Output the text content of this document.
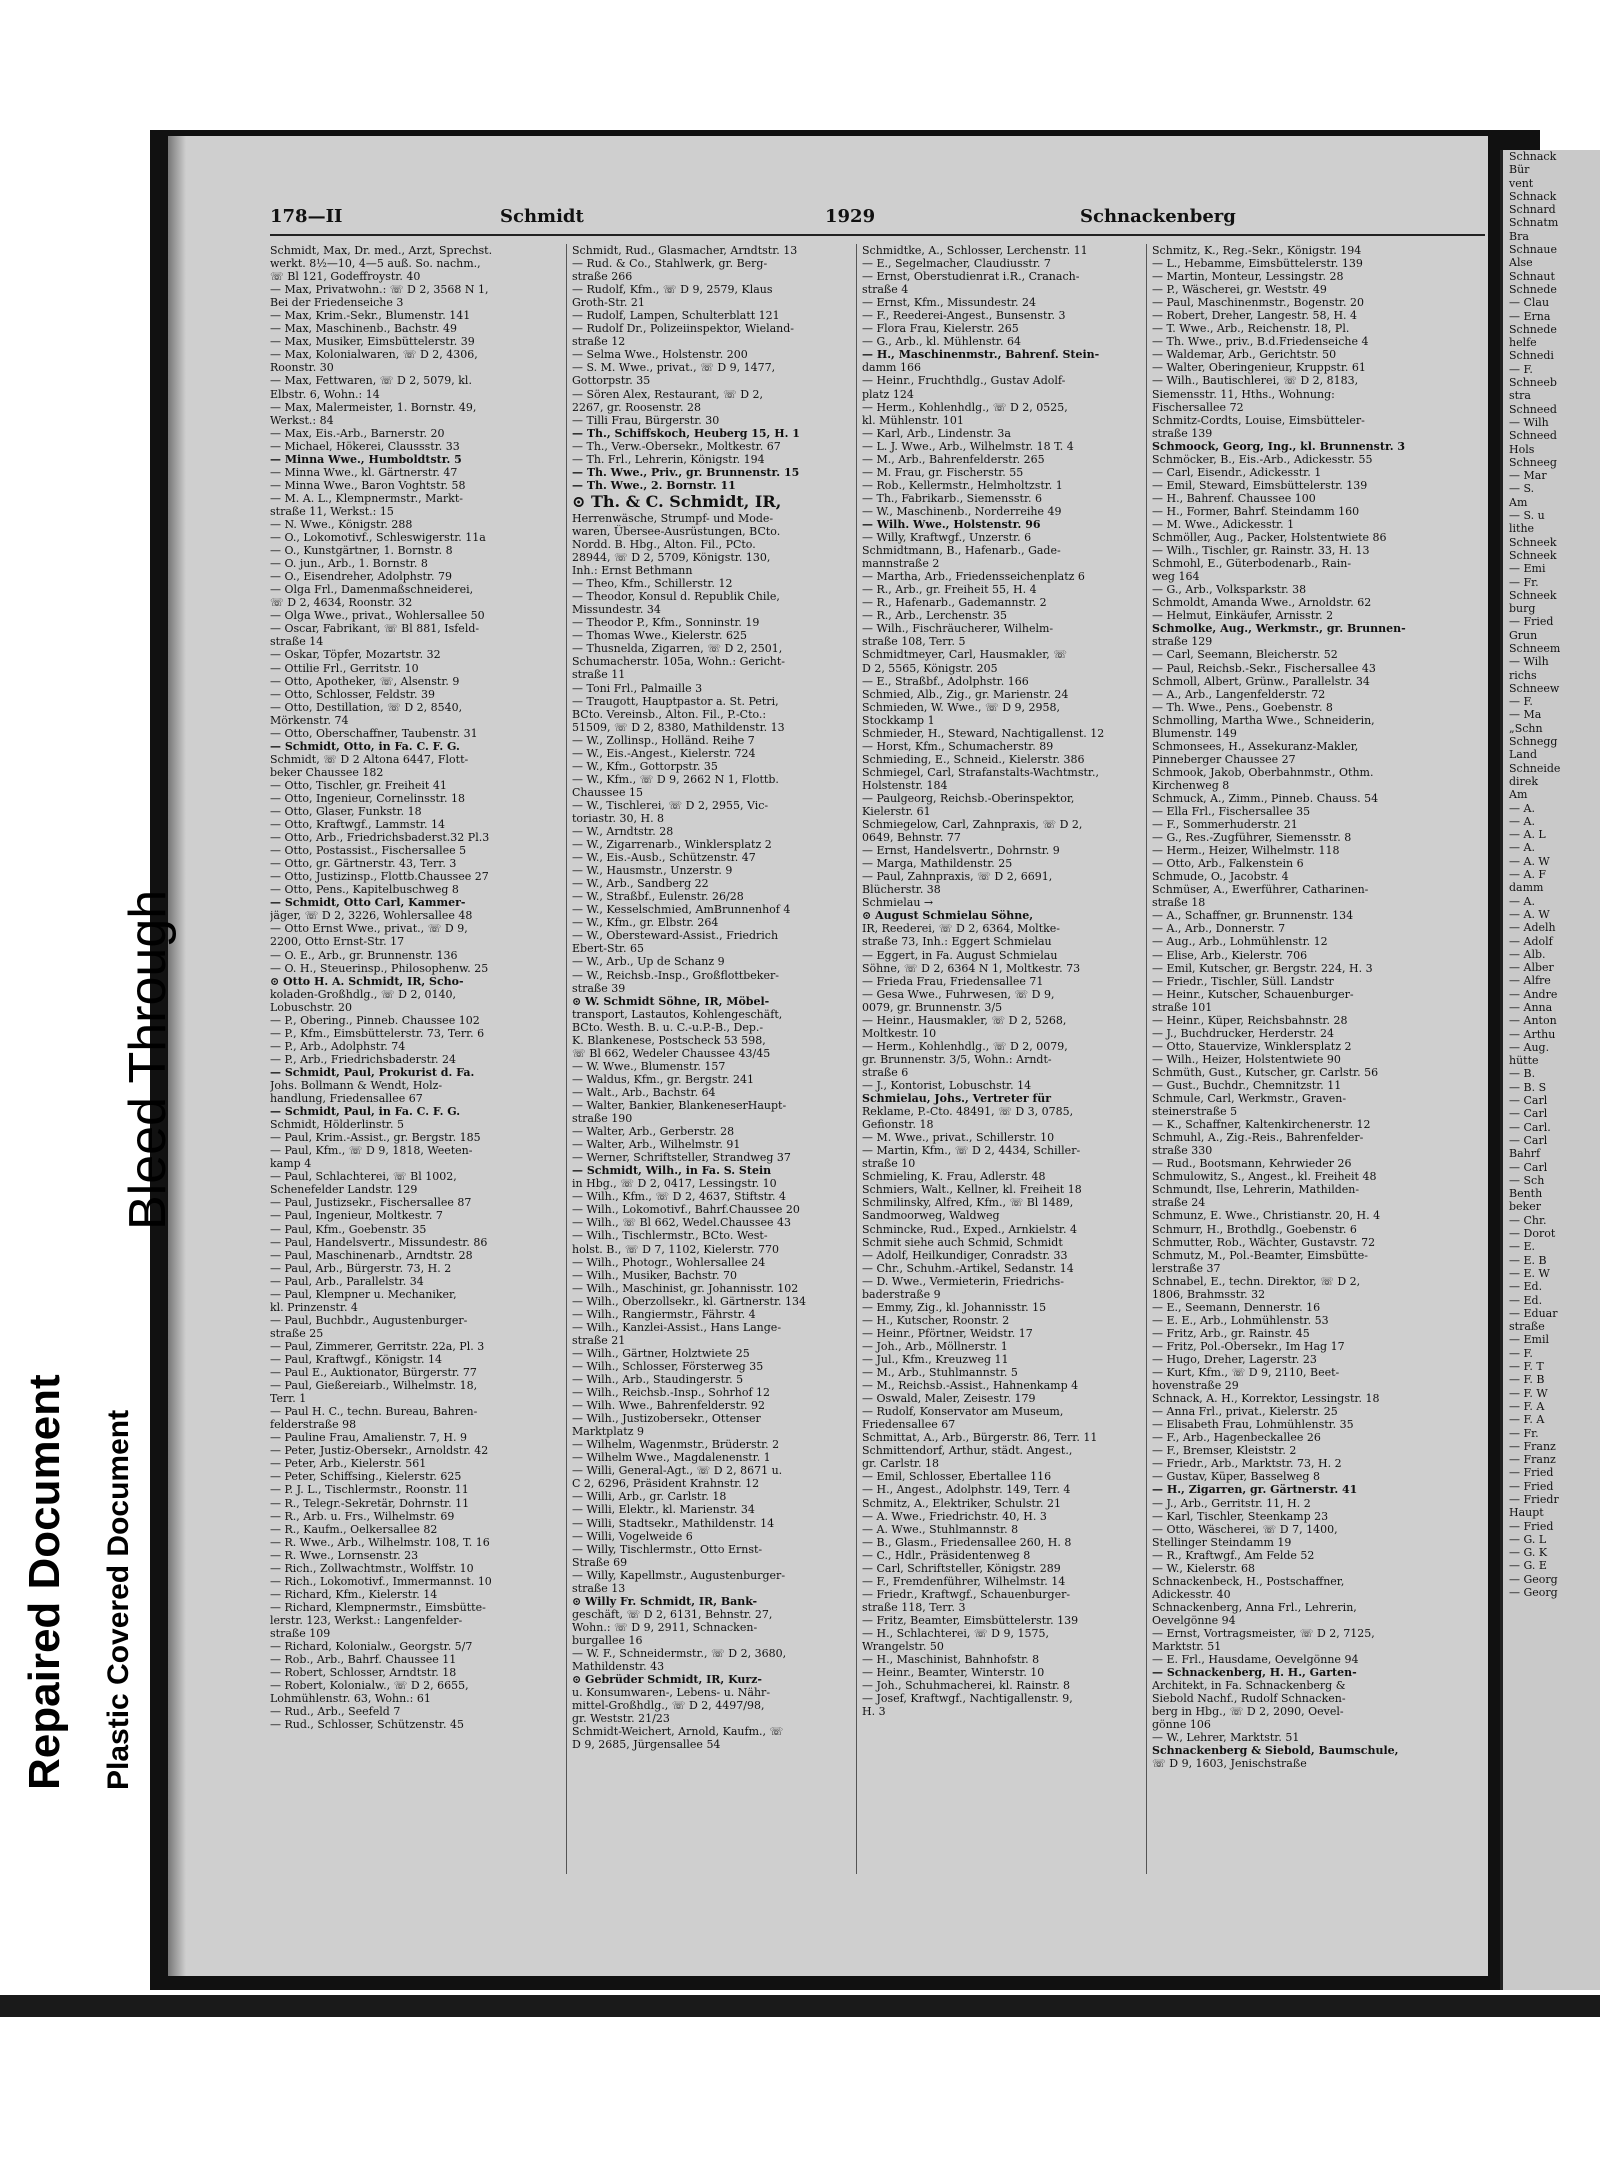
178—II	Schmidt	1929	Schnackenberg
Schmidt, Max, Dr. med., Arzt, Sprechst.
werkt. 8½—10, 4—5 auß. So. nachm.,
☏ Bl 121, Godeffroystr. 40
— Max, Privatwohn.: ☏ D 2, 3568 N 1,
Bei der Friedenseiche 3
— Max, Krim.-Sekr., Blumenstr. 141
— Max, Maschinenb., Bachstr. 49
— Max, Musiker, Eimsbüttelerstr. 39
— Max, Kolonialwaren, ☏ D 2, 4306,
Roonstr. 30
— Max, Fettwaren, ☏ D 2, 5079, kl.
Elbstr. 6, Wohn.: 14
— Max, Malermeister, 1. Bornstr. 49,
Werkst.: 84
— Max, Eis.-Arb., Barnerstr. 20
— Michael, Hökerei, Claussstr. 33
— Minna Wwe., Humboldtstr. 5
— Minna Wwe., kl. Gärtnerstr. 47
— Minna Wwe., Baron Voghtstr. 58
— M. A. L., Klempnermstr., Markt-
straße 11, Werkst.: 15
— N. Wwe., Königstr. 288
— O., Lokomotivf., Schleswigerstr. 11a
— O., Kunstgärtner, 1. Bornstr. 8
— O. jun., Arb., 1. Bornstr. 8
— O., Eisendreher, Adolphstr. 79
— Olga Frl., Damenmaßschneiderei,
☏ D 2, 4634, Roonstr. 32
— Olga Wwe., privat., Wohlersallee 50
— Oscar, Fabrikant, ☏ Bl 881, Isfeld-
straße 14
— Oskar, Töpfer, Mozartstr. 32
— Ottilie Frl., Gerritstr. 10
— Otto, Apotheker, ☏, Alsenstr. 9
— Otto, Schlosser, Feldstr. 39
— Otto, Destillation, ☏ D 2, 8540,
Mörkenstr. 74
— Otto, Oberschaffner, Taubenstr. 31
— Schmidt, Otto, in Fa. C. F. G.
Schmidt, ☏ D 2 Altona 6447, Flott-
beker Chaussee 182
— Otto, Tischler, gr. Freiheit 41
— Otto, Ingenieur, Cornelinsstr. 18
— Otto, Glaser, Funkstr. 18
— Otto, Kraftwgf., Lammstr. 14
— Otto, Arb., Friedrichsbaderst.32 Pl.3
— Otto, Postassist., Fischersallee 5
— Otto, gr. Gärtnerstr. 43, Terr. 3
— Otto, Justizinsp., Flottb.Chaussee 27
— Otto, Pens., Kapitelbuschweg 8
— Schmidt, Otto Carl, Kammer-
jäger, ☏ D 2, 3226, Wohlersallee 48
— Otto Ernst Wwe., privat., ☏ D 9,
2200, Otto Ernst-Str. 17
— O. E., Arb., gr. Brunnenstr. 136
— O. H., Steuerinsp., Philosophenw. 25
⊙ Otto H. A. Schmidt, IR, Scho-
koladen-Großhdlg., ☏ D 2, 0140,
Lobuschstr. 20
— P., Obering., Pinneb. Chaussee 102
— P., Kfm., Eimsbüttelerstr. 73, Terr. 6
— P., Arb., Adolphstr. 74
— P., Arb., Friedrichsbaderstr. 24
— Schmidt, Paul, Prokurist d. Fa.
Johs. Bollmann & Wendt, Holz-
handlung, Friedensallee 67
— Schmidt, Paul, in Fa. C. F. G.
Schmidt, Hölderlinstr. 5
— Paul, Krim.-Assist., gr. Bergstr. 185
— Paul, Kfm., ☏ D 9, 1818, Weeten-
kamp 4
— Paul, Schlachterei, ☏ Bl 1002,
Schenefelder Landstr. 129
— Paul, Justizsekr., Fischersallee 87
— Paul, Ingenieur, Moltkestr. 7
— Paul, Kfm., Goebenstr. 35
— Paul, Handelsvertr., Missundestr. 86
— Paul, Maschinenarb., Arndtstr. 28
— Paul, Arb., Bürgerstr. 73, H. 2
— Paul, Arb., Parallelstr. 34
— Paul, Klempner u. Mechaniker,
kl. Prinzenstr. 4
— Paul, Buchbdr., Augustenburger-
straße 25
— Paul, Zimmerer, Gerritstr. 22a, Pl. 3
— Paul, Kraftwgf., Königstr. 14
— Paul E., Auktionator, Bürgerstr. 77
— Paul, Gießereiarb., Wilhelmstr. 18,
Terr. 1
— Paul H. C., techn. Bureau, Bahren-
felderstraße 98
— Pauline Frau, Amalienstr. 7, H. 9
— Peter, Justiz-Obersekr., Arnoldstr. 42
— Peter, Arb., Kielerstr. 561
— Peter, Schiffsing., Kielerstr. 625
— P. J. L., Tischlermstr., Roonstr. 11
— R., Telegr.-Sekretär, Dohrnstr. 11
— R., Arb. u. Frs., Wilhelmstr. 69
— R., Kaufm., Oelkersallee 82
— R. Wwe., Arb., Wilhelmstr. 108, T. 16
— R. Wwe., Lornsenstr. 23
— Rich., Zollwachtmstr., Wolffstr. 10
— Rich., Lokomotivf., Immermannst. 10
— Richard, Kfm., Kielerstr. 14
— Richard, Klempnermstr., Eimsbütte-
lerstr. 123, Werkst.: Langenfelder-
straße 109
— Richard, Kolonialw., Georgstr. 5/7
— Rob., Arb., Bahrf. Chaussee 11
— Robert, Schlosser, Arndtstr. 18
— Robert, Kolonialw., ☏ D 2, 6655,
Lohmühlenstr. 63, Wohn.: 61
— Rud., Arb., Seefeld 7
— Rud., Schlosser, Schützenstr. 45
Schmidt, Rud., Glasmacher, Arndtstr. 13
— Rud. & Co., Stahlwerk, gr. Berg-
straße 266
— Rudolf, Kfm., ☏ D 9, 2579, Klaus
Groth-Str. 21
— Rudolf, Lampen, Schulterblatt 121
— Rudolf Dr., Polizeiinspektor, Wieland-
straße 12
— Selma Wwe., Holstenstr. 200
— S. M. Wwe., privat., ☏ D 9, 1477,
Gottorpstr. 35
— Sören Alex, Restaurant, ☏ D 2,
2267, gr. Roosenstr. 28
— Tilli Frau, Bürgerstr. 30
— Th., Schiffskoch, Heuberg 15, H. 1
— Th., Verw.-Obersekr., Moltkestr. 67
— Th. Frl., Lehrerin, Königstr. 194
— Th. Wwe., Priv., gr. Brunnenstr. 15
— Th. Wwe., 2. Bornstr. 11
⊙ Th. & C. Schmidt, IR,
Herrenwäsche, Strumpf- und Mode-
waren, Übersee-Ausrüstungen, BCto.
Nordd. B. Hbg., Alton. Fil., PCto.
28944, ☏ D 2, 5709, Königstr. 130,
Inh.: Ernst Bethmann
— Theo, Kfm., Schillerstr. 12
— Theodor, Konsul d. Republik Chile,
Missundestr. 34
— Theodor P., Kfm., Sonninstr. 19
— Thomas Wwe., Kielerstr. 625
— Thusnelda, Zigarren, ☏ D 2, 2501,
Schumacherstr. 105a, Wohn.: Gericht-
straße 11
— Toni Frl., Palmaille 3
— Traugott, Hauptpastor a. St. Petri,
BCto. Vereinsb., Alton. Fil., P.-Cto.:
51509, ☏ D 2, 8380, Mathildenstr. 13
— W., Zollinsp., Holländ. Reihe 7
— W., Eis.-Angest., Kielerstr. 724
— W., Kfm., Gottorpstr. 35
— W., Kfm., ☏ D 9, 2662 N 1, Flottb.
Chaussee 15
— W., Tischlerei, ☏ D 2, 2955, Vic-
toriastr. 30, H. 8
— W., Arndtstr. 28
— W., Zigarrenarb., Winklersplatz 2
— W., Eis.-Ausb., Schützenstr. 47
— W., Hausmstr., Unzerstr. 9
— W., Arb., Sandberg 22
— W., Straßbf., Eulenstr. 26/28
— W., Kesselschmied, AmBrunnenhof 4
— W., Kfm., gr. Elbstr. 264
— W., Obersteward-Assist., Friedrich
Ebert-Str. 65
— W., Arb., Up de Schanz 9
— W., Reichsb.-Insp., Großflottbeker-
straße 39
⊙ W. Schmidt Söhne, IR, Möbel-
transport, Lastautos, Kohlengeschäft,
BCto. Westh. B. u. C.-u.P.-B., Dep.-
K. Blankenese, Postscheck 53 598,
☏ Bl 662, Wedeler Chaussee 43/45
— W. Wwe., Blumenstr. 157
— Waldus, Kfm., gr. Bergstr. 241
— Walt., Arb., Bachstr. 64
— Walter, Bankier, BlankeneserHaupt-
straße 190
— Walter, Arb., Gerberstr. 28
— Walter, Arb., Wilhelmstr. 91
— Werner, Schriftsteller, Strandweg 37
— Schmidt, Wilh., in Fa. S. Stein
in Hbg., ☏ D 2, 0417, Lessingstr. 10
— Wilh., Kfm., ☏ D 2, 4637, Stiftstr. 4
— Wilh., Lokomotivf., Bahrf.Chaussee 20
— Wilh., ☏ Bl 662, Wedel.Chaussee 43
— Wilh., Tischlermstr., BCto. West-
holst. B., ☏ D 7, 1102, Kielerstr. 770
— Wilh., Photogr., Wohlersallee 24
— Wilh., Musiker, Bachstr. 70
— Wilh., Maschinist, gr. Johannisstr. 102
— Wilh., Oberzollsekr., kl. Gärtnerstr. 134
— Wilh., Rangiermstr., Fährstr. 4
— Wilh., Kanzlei-Assist., Hans Lange-
straße 21
— Wilh., Gärtner, Holztwiete 25
— Wilh., Schlosser, Försterweg 35
— Wilh., Arb., Staudingerstr. 5
— Wilh., Reichsb.-Insp., Sohrhof 12
— Wilh. Wwe., Bahrenfelderstr. 92
— Wilh., Justizobersekr., Ottenser
Marktplatz 9
— Wilhelm, Wagenmstr., Brüderstr. 2
— Wilhelm Wwe., Magdalenenstr. 1
— Willi, General-Agt., ☏ D 2, 8671 u.
C 2, 6296, Präsident Krahnstr. 12
— Willi, Arb., gr. Carlstr. 18
— Willi, Elektr., kl. Marienstr. 34
— Willi, Stadtsekr., Mathildenstr. 14
— Willi, Vogelweide 6
— Willy, Tischlermstr., Otto Ernst-
Straße 69
— Willy, Kapellmstr., Augustenburger-
straße 13
⊙ Willy Fr. Schmidt, IR, Bank-
geschäft, ☏ D 2, 6131, Behnstr. 27,
Wohn.: ☏ D 9, 2911, Schnacken-
burgallee 16
— W. F., Schneidermstr., ☏ D 2, 3680,
Mathildenstr. 43
⊙ Gebrüder Schmidt, IR, Kurz-
u. Konsumwaren-, Lebens- u. Nähr-
mittel-Großhdlg., ☏ D 2, 4497/98,
gr. Weststr. 21/23
Schmidt-Weichert, Arnold, Kaufm., ☏
D 9, 2685, Jürgensallee 54
Schmidtke, A., Schlosser, Lerchenstr. 11
— E., Segelmacher, Claudiusstr. 7
— Ernst, Oberstudienrat i.R., Cranach-
straße 4
— Ernst, Kfm., Missundestr. 24
— F., Reederei-Angest., Bunsenstr. 3
— Flora Frau, Kielerstr. 265
— G., Arb., kl. Mühlenstr. 64
— H., Maschinenmstr., Bahrenf. Stein-
damm 166
— Heinr., Fruchthdlg., Gustav Adolf-
platz 124
— Herm., Kohlenhdlg., ☏ D 2, 0525,
kl. Mühlenstr. 101
— Karl, Arb., Lindenstr. 3a
— L. J. Wwe., Arb., Wilhelmstr. 18 T. 4
— M., Arb., Bahrenfelderstr. 265
— M. Frau, gr. Fischerstr. 55
— Rob., Kellermstr., Helmholtzstr. 1
— Th., Fabrikarb., Siemensstr. 6
— W., Maschinenb., Norderreihe 49
— Wilh. Wwe., Holstenstr. 96
— Willy, Kraftwgf., Unzerstr. 6
Schmidtmann, B., Hafenarb., Gade-
mannstraße 2
— Martha, Arb., Friedensseichenplatz 6
— R., Arb., gr. Freiheit 55, H. 4
— R., Hafenarb., Gademannstr. 2
— R., Arb., Lerchenstr. 35
— Wilh., Fischräucherer, Wilhelm-
straße 108, Terr. 5
Schmidtmeyer, Carl, Hausmakler, ☏
D 2, 5565, Königstr. 205
— E., Straßbf., Adolphstr. 166
Schmied, Alb., Zig., gr. Marienstr. 24
Schmieden, W. Wwe., ☏ D 9, 2958,
Stockkamp 1
Schmieder, H., Steward, Nachtigallenst. 12
— Horst, Kfm., Schumacherstr. 89
Schmieding, E., Schneid., Kielerstr. 386
Schmiegel, Carl, Strafanstalts-Wachtmstr.,
Holstenstr. 184
— Paulgeorg, Reichsb.-Oberinspektor,
Kielerstr. 61
Schmiegelow, Carl, Zahnpraxis, ☏ D 2,
0649, Behnstr. 77
— Ernst, Handelsvertr., Dohrnstr. 9
— Marga, Mathildenstr. 25
— Paul, Zahnpraxis, ☏ D 2, 6691,
Blücherstr. 38
Schmielau →
⊙ August Schmielau Söhne,
IR, Reederei, ☏ D 2, 6364, Moltke-
straße 73, Inh.: Eggert Schmielau
— Eggert, in Fa. August Schmielau
Söhne, ☏ D 2, 6364 N 1, Moltkestr. 73
— Frieda Frau, Friedensallee 71
— Gesa Wwe., Fuhrwesen, ☏ D 9,
0079, gr. Brunnenstr. 3/5
— Heinr., Hausmakler, ☏ D 2, 5268,
Moltkestr. 10
— Herm., Kohlenhdlg., ☏ D 2, 0079,
gr. Brunnenstr. 3/5, Wohn.: Arndt-
straße 6
— J., Kontorist, Lobuschstr. 14
Schmielau, Johs., Vertreter für
Reklame, P.-Cto. 48491, ☏ D 3, 0785,
Gefionstr. 18
— M. Wwe., privat., Schillerstr. 10
— Martin, Kfm., ☏ D 2, 4434, Schiller-
straße 10
Schmieling, K. Frau, Adlerstr. 48
Schmiers, Walt., Kellner, kl. Freiheit 18
Schmilinsky, Alfred, Kfm., ☏ Bl 1489,
Sandmoorweg, Waldweg
Schmincke, Rud., Exped., Arnkielstr. 4
Schmit siehe auch Schmid, Schmidt
— Adolf, Heilkundiger, Conradstr. 33
— Chr., Schuhm.-Artikel, Sedanstr. 14
— D. Wwe., Vermieterin, Friedrichs-
baderstraße 9
— Emmy, Zig., kl. Johannisstr. 15
— H., Kutscher, Roonstr. 2
— Heinr., Pförtner, Weidstr. 17
— Joh., Arb., Möllnerstr. 1
— Jul., Kfm., Kreuzweg 11
— M., Arb., Stuhlmannstr. 5
— M., Reichsb.-Assist., Hahnenkamp 4
— Oswald, Maler, Zeisestr. 179
— Rudolf, Konservator am Museum,
Friedensallee 67
Schmittat, A., Arb., Bürgerstr. 86, Terr. 11
Schmittendorf, Arthur, städt. Angest.,
gr. Carlstr. 18
— Emil, Schlosser, Ebertallee 116
— H., Angest., Adolphstr. 149, Terr. 4
Schmitz, A., Elektriker, Schulstr. 21
— A. Wwe., Friedrichstr. 40, H. 3
— A. Wwe., Stuhlmannstr. 8
— B., Glasm., Friedensallee 260, H. 8
— C., Hdlr., Präsidentenweg 8
— Carl, Schriftsteller, Königstr. 289
— F., Fremdenführer, Wilhelmstr. 14
— Friedr., Kraftwgf., Schauenburger-
straße 118, Terr. 3
— Fritz, Beamter, Eimsbüttelerstr. 139
— H., Schlachterei, ☏ D 9, 1575,
Wrangelstr. 50
— H., Maschinist, Bahnhofstr. 8
— Heinr., Beamter, Winterstr. 10
— Joh., Schuhmacherei, kl. Rainstr. 8
— Josef, Kraftwgf., Nachtigallenstr. 9,
H. 3
Schmitz, K., Reg.-Sekr., Königstr. 194
— L., Hebamme, Eimsbüttelerstr. 139
— Martin, Monteur, Lessingstr. 28
— P., Wäscherei, gr. Weststr. 49
— Paul, Maschinenmstr., Bogenstr. 20
— Robert, Dreher, Langestr. 58, H. 4
— T. Wwe., Arb., Reichenstr. 18, Pl.
— Th. Wwe., priv., B.d.Friedenseiche 4
— Waldemar, Arb., Gerichtstr. 50
— Walter, Oberingenieur, Kruppstr. 61
— Wilh., Bautischlerei, ☏ D 2, 8183,
Siemensstr. 11, Hths., Wohnung:
Fischersallee 72
Schmitz-Cordts, Louise, Eimsbütteler-
straße 139
Schmoock, Georg, Ing., kl. Brunnenstr. 3
Schmöcker, B., Eis.-Arb., Adickesstr. 55
— Carl, Eisendr., Adickesstr. 1
— Emil, Steward, Eimsbüttelerstr. 139
— H., Bahrenf. Chaussee 100
— H., Former, Bahrf. Steindamm 160
— M. Wwe., Adickesstr. 1
Schmöller, Aug., Packer, Holstentwiete 86
— Wilh., Tischler, gr. Rainstr. 33, H. 13
Schmohl, E., Güterbodenarb., Rain-
weg 164
— G., Arb., Volksparkstr. 38
Schmoldt, Amanda Wwe., Arnoldstr. 62
— Helmut, Einkäufer, Arnisstr. 2
Schmolke, Aug., Werkmstr., gr. Brunnen-
straße 129
— Carl, Seemann, Bleicherstr. 52
— Paul, Reichsb.-Sekr., Fischersallee 43
Schmoll, Albert, Grünw., Parallelstr. 34
— A., Arb., Langenfelderstr. 72
— Th. Wwe., Pens., Goebenstr. 8
Schmolling, Martha Wwe., Schneiderin,
Blumenstr. 149
Schmonsees, H., Assekuranz-Makler,
Pinneberger Chaussee 27
Schmook, Jakob, Oberbahnmstr., Othm.
Kirchenweg 8
Schmuck, A., Zimm., Pinneb. Chauss. 54
— Ella Frl., Fischersallee 35
— F., Sommerhuderstr. 21
— G., Res.-Zugführer, Siemensstr. 8
— Herm., Heizer, Wilhelmstr. 118
— Otto, Arb., Falkenstein 6
Schmude, O., Jacobstr. 4
Schmüser, A., Ewerführer, Catharinen-
straße 18
— A., Schaffner, gr. Brunnenstr. 134
— A., Arb., Donnerstr. 7
— Aug., Arb., Lohmühlenstr. 12
— Elise, Arb., Kielerstr. 706
— Emil, Kutscher, gr. Bergstr. 224, H. 3
— Friedr., Tischler, Süll. Landstr
— Heinr., Kutscher, Schauenburger-
straße 101
— Heinr., Küper, Reichsbahnstr. 28
— J., Buchdrucker, Herderstr. 24
— Otto, Stauervize, Winklersplatz 2
— Wilh., Heizer, Holstentwiete 90
Schmüth, Gust., Kutscher, gr. Carlstr. 56
— Gust., Buchdr., Chemnitzstr. 11
Schmule, Carl, Werkmstr., Graven-
steinerstraße 5
— K., Schaffner, Kaltenkirchenerstr. 12
Schmuhl, A., Zig.-Reis., Bahrenfelder-
straße 330
— Rud., Bootsmann, Kehrwieder 26
Schmulowitz, S., Angest., kl. Freiheit 48
Schmundt, Ilse, Lehrerin, Mathilden-
straße 24
Schmunz, E. Wwe., Christianstr. 20, H. 4
Schmurr, H., Brothdlg., Goebenstr. 6
Schmutter, Rob., Wächter, Gustavstr. 72
Schmutz, M., Pol.-Beamter, Eimsbütte-
lerstraße 37
Schnabel, E., techn. Direktor, ☏ D 2,
1806, Brahmsstr. 32
— E., Seemann, Dennerstr. 16
— E. E., Arb., Lohmühlenstr. 53
— Fritz, Arb., gr. Rainstr. 45
— Fritz, Pol.-Obersekr., Im Hag 17
— Hugo, Dreher, Lagerstr. 23
— Kurt, Kfm., ☏ D 9, 2110, Beet-
hovenstraße 29
Schnack, A. H., Korrektor, Lessingstr. 18
— Anna Frl., privat., Kielerstr. 25
— Elisabeth Frau, Lohmühlenstr. 35
— F., Arb., Hagenbeckallee 26
— F., Bremser, Kleiststr. 2
— Friedr., Arb., Marktstr. 73, H. 2
— Gustav, Küper, Basselweg 8
— H., Zigarren, gr. Gärtnerstr. 41
— J., Arb., Gerritstr. 11, H. 2
— Karl, Tischler, Steenkamp 23
— Otto, Wäscherei, ☏ D 7, 1400,
Stellinger Steindamm 19
— R., Kraftwgf., Am Felde 52
— W., Kielerstr. 68
Schnackenbeck, H., Postschaffner,
Adickesstr. 40
Schnackenberg, Anna Frl., Lehrerin,
Oevelgönne 94
— Ernst, Vortragsmeister, ☏ D 2, 7125,
Marktstr. 51
— E. Frl., Hausdame, Oevelgönne 94
— Schnackenberg, H. H., Garten-
Architekt, in Fa. Schnackenberg &
Siebold Nachf., Rudolf Schnacken-
berg in Hbg., ☏ D 2, 2090, Oevel-
gönne 106
— W., Lehrer, Marktstr. 51
Schnackenberg & Siebold, Baumschule,
☏ D 9, 1603, Jenischstraße
Schnack
Bür
vent
Schnack
Schnard
Schnatm
Bra
Schnaue
Alse
Schnaut
Schnede
— Clau
— Erna
Schnede
helfe
Schnedi
— F.
Schneeb
stra
Schneed
— Wilh
Schneed
Hols
Schneeg
— Mar
— S.
Am
— S. u
lithe
Schneek
Schneek
— Emi
— Fr.
Schneek
burg
— Fried
Grun
Schneem
— Wilh
richs
Schneew
— F.
— Ma
„Schn
Schnegg
Land
Schneide
direk
Am
— A.
— A.
— A. L
— A.
— A. W
— A. F
damm
— A.
— A. W
— Adelh
— Adolf
— Alb.
— Alber
— Alfre
— Andre
— Anna
— Anton
— Arthu
— Aug.
hütte
— B.
— B. S
— Carl
— Carl
— Carl.
— Carl
Bahrf
— Carl
— Sch
Benth
beker
— Chr.
— Dorot
— E.
— E. B
— E. W
— Ed.
— Ed.
— Eduar
straße
— Emil
— F.
— F. T
— F. B
— F. W
— F. A
— F. A
— Fr.
— Franz
— Franz
— Fried
— Fried
— Friedr
Haupt
— Fried
— G. L
— G. K
— G. E
— Georg
— Georg
Bleed Through
Repaired Document Plastic Covered Document
